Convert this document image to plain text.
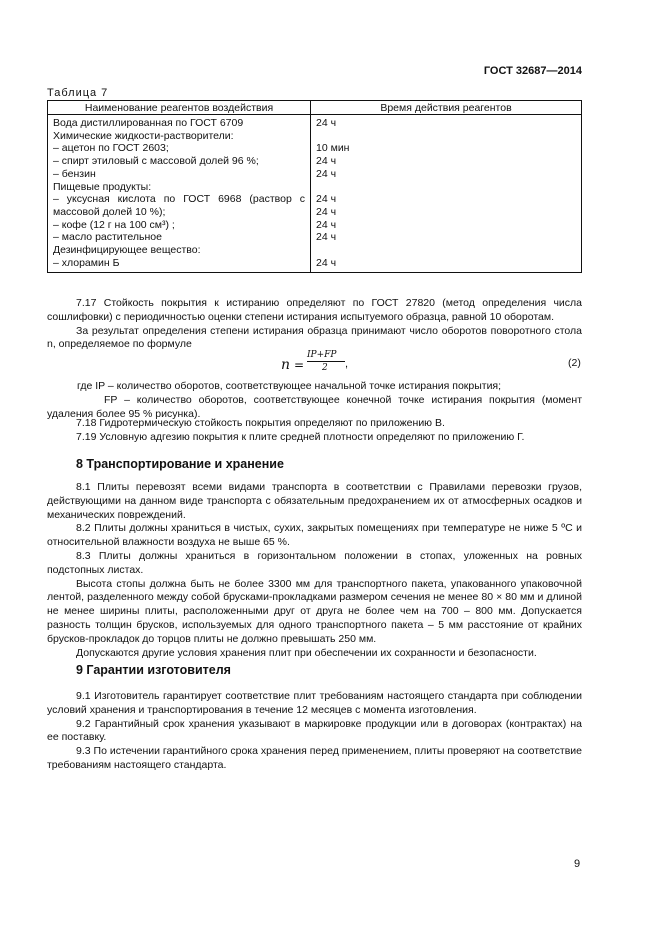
ГОСТ 32687—2014
Таблица 7
Наименование реагентов воздействия	Время действия реагентов
Вода дистиллированная по ГОСТ 6709	24 ч
Химические жидкости-растворители:	
– ацетон по ГОСТ 2603;	10 мин
– спирт этиловый с массовой долей 96 %;	24 ч
– бензин	24 ч
Пищевые продукты:	
– уксусная кислота по ГОСТ 6968 (раствор с	24 ч
массовой долей 10 %);	24 ч
– кофе (12 г на 100 см³) ;	24 ч
– масло растительное	24 ч
Дезинфицирующее вещество:	
– хлорамин Б	24 ч

7.17 Стойкость покрытия к истиранию определяют по ГОСТ 27820 (метод определения числа сошлифовки) с периодичностью оценки степени истирания испытуемого образца, равной 10 оборотам.

За результат определения степени истирания образца принимают число оборотов поворотного стола n, определяемое по формуле

n =
IP+FP
2 ,	(2)
где IP – количество оборотов, соответствующее начальной точке истирания покрытия;
FP – количество оборотов, соответствующее конечной точке истирания покрытия (момент удаления более 95 % рисунка).

7.18 Гидротермическую стойкость покрытия определяют по приложению В.

7.19 Условную адгезию покрытия к плите средней плотности определяют по приложению Г.

8 Транспортирование и хранение

8.1 Плиты перевозят всеми видами транспорта в соответствии с Правилами перевозки грузов, действующими на данном виде транспорта с обязательным предохранением их от атмосферных осадков и механических повреждений.

8.2 Плиты должны храниться в чистых, сухих, закрытых помещениях при температуре не ниже 5 ºС и относительной влажности воздуха не выше 65 %.

8.3 Плиты должны храниться в горизонтальном положении в стопах, уложенных на ровных подстопных листах.

Высота стопы должна быть не более 3300 мм для транспортного пакета, упакованного упаковочной лентой, разделенного между собой брусками-прокладками размером сечения не менее 80 × 80 мм и длиной не менее ширины плиты, расположенными друг от друга не более чем на 700 – 800 мм. Допускается разность толщин брусков, используемых для одного транспортного пакета – 5 мм расстояние от крайних брусков-прокладок до торцов плиты не должно превышать 250 мм.

Допускаются другие условия хранения плит при обеспечении их сохранности и безопасности.

9 Гарантии изготовителя

9.1 Изготовитель гарантирует соответствие плит требованиям настоящего стандарта при соблюдении условий хранения и транспортирования в течение 12 месяцев с момента изготовления.

9.2 Гарантийный срок хранения указывают в маркировке продукции или в договорах (контрактах) на ее поставку.

9.3 По истечении гарантийного срока хранения перед применением, плиты проверяют на соответствие требованиям настоящего стандарта.

9
